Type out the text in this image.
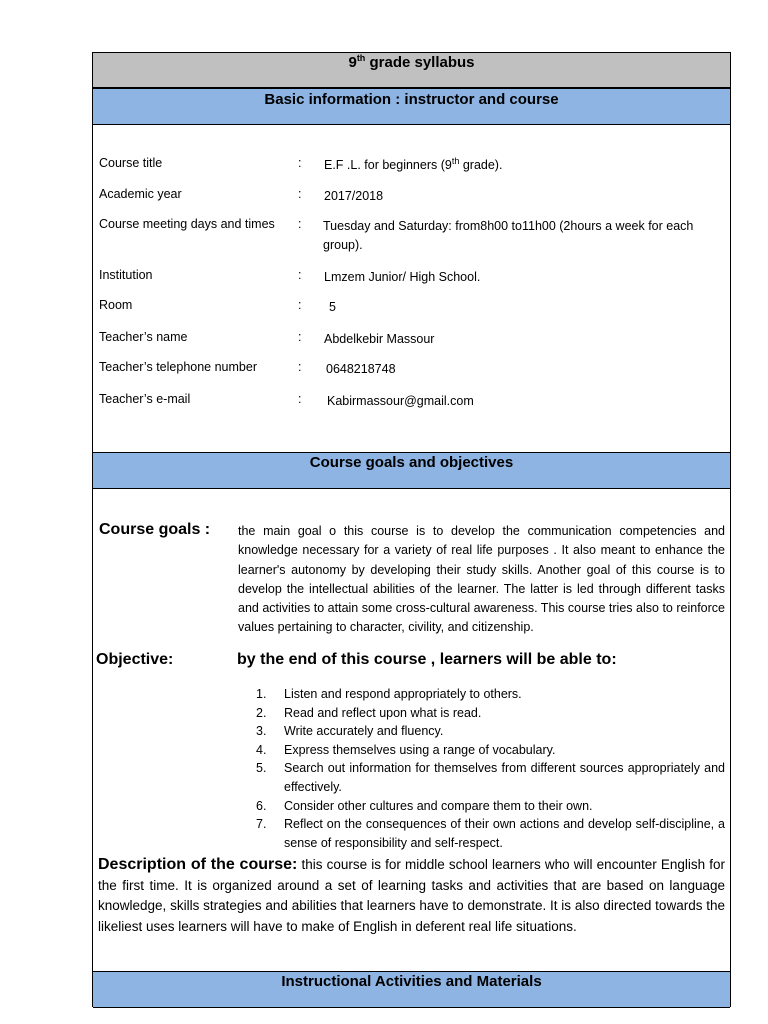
9th grade syllabus
Basic information : instructor and course
Course title	: E.F .L. for beginners (9th grade).
Academic year	: 2017/2018
Course meeting days and times	: Tuesday and Saturday: from8h00 to11h00 (2hours a week for each group).
Institution	: Lmzem Junior/ High School.
Room	: 5
Teacher’s name	: Abdelkebir Massour
Teacher’s telephone number	: 0648218748
Teacher’s e-mail	: Kabirmassour@gmail.com
Course goals and objectives
Course goals : the main goal o this course is to develop the communication competencies and knowledge necessary for a variety of real life purposes . It also meant to enhance the learner's autonomy by developing their study skills. Another goal of this course is to develop the intellectual abilities of the learner. The latter is led through different tasks and activities to attain some cross-cultural awareness. This course tries also to reinforce values pertaining to character, civility, and citizenship.
Objective:	by the end of this course , learners will be able to:
1. Listen and respond appropriately to others.
2. Read and reflect upon what is read.
3. Write accurately and fluency.
4. Express themselves using a range of vocabulary.
5. Search out information for themselves from different sources appropriately and effectively.
6. Consider other cultures and compare them to their own.
7. Reflect on the consequences of their own actions and develop self-discipline, a sense of responsibility and self-respect.
Description of the course: this course is for middle school learners who will encounter English for the first time. It is organized around a set of learning tasks and activities that are based on language knowledge, skills strategies and abilities that learners have to demonstrate. It is also directed towards the likeliest uses learners will have to make of English in deferent real life situations.
Instructional Activities and Materials
